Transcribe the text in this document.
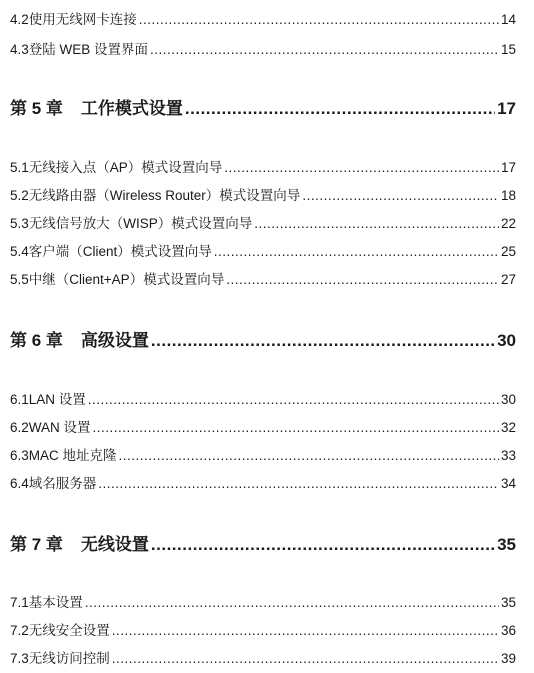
4.2 使用无线网卡连接 .....	14
4.3 登陆 WEB 设置界面 .....	15
第 5 章 工作模式设置 .....	17
5.1 无线接入点（AP）模式设置向导 .....	17
5.2 无线路由器（Wireless Router）模式设置向导 .....	18
5.3 无线信号放大（WISP）模式设置向导 .....	22
5.4 客户端（Client）模式设置向导 .....	25
5.5 中继（Client+AP）模式设置向导 .....	27
第 6 章 高级设置 .....	30
6.1 LAN 设置 .....	30
6.2 WAN 设置 .....	32
6.3 MAC 地址克隆 .....	33
6.4 域名服务器 .....	34
第 7 章 无线设置 .....	35
7.1 基本设置 .....	35
7.2 无线安全设置 .....	36
7.3 无线访问控制 .....	39
